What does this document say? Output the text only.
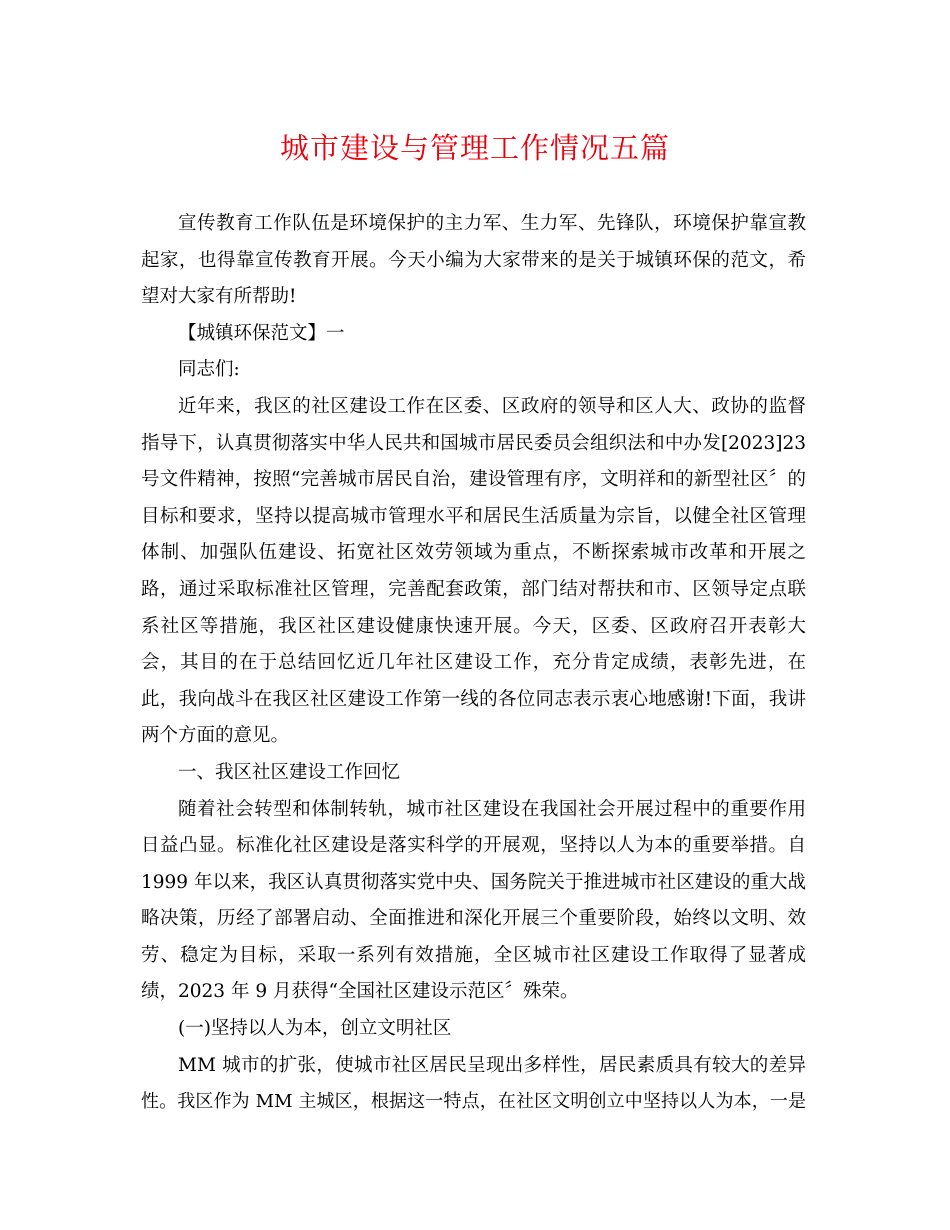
城市建设与管理工作情况五篇
宣传教育工作队伍是环境保护的主力军、生力军、先锋队，环境保护靠宣教
起家，也得靠宣传教育开展。今天小编为大家带来的是关于城镇环保的范文，希
望对大家有所帮助!
【城镇环保范文】一
同志们:
近年来，我区的社区建设工作在区委、区政府的领导和区人大、政协的监督
指导下，认真贯彻落实中华人民共和国城市居民委员会组织法和中办发[2023]23
号文件精神，按照“完善城市居民自治，建设管理有序，文明祥和的新型社区〞的
目标和要求，坚持以提高城市管理水平和居民生活质量为宗旨，以健全社区管理
体制、加强队伍建设、拓宽社区效劳领域为重点，不断探索城市改革和开展之
路，通过采取标准社区管理，完善配套政策，部门结对帮扶和市、区领导定点联
系社区等措施，我区社区建设健康快速开展。今天，区委、区政府召开表彰大
会，其目的在于总结回忆近几年社区建设工作，充分肯定成绩，表彰先进，在
此，我向战斗在我区社区建设工作第一线的各位同志表示衷心地感谢!下面，我讲
两个方面的意见。
一、我区社区建设工作回忆
随着社会转型和体制转轨，城市社区建设在我国社会开展过程中的重要作用
日益凸显。标准化社区建设是落实科学的开展观，坚持以人为本的重要举措。自
1999 年以来，我区认真贯彻落实党中央、国务院关于推进城市社区建设的重大战
略决策，历经了部署启动、全面推进和深化开展三个重要阶段，始终以文明、效
劳、稳定为目标，采取一系列有效措施，全区城市社区建设工作取得了显著成
绩，2023 年 9 月获得“全国社区建设示范区〞殊荣。
(一)坚持以人为本，创立文明社区
MM 城市的扩张，使城市社区居民呈现出多样性，居民素质具有较大的差异
性。我区作为 MM 主城区，根据这一特点，在社区文明创立中坚持以人为本，一是
